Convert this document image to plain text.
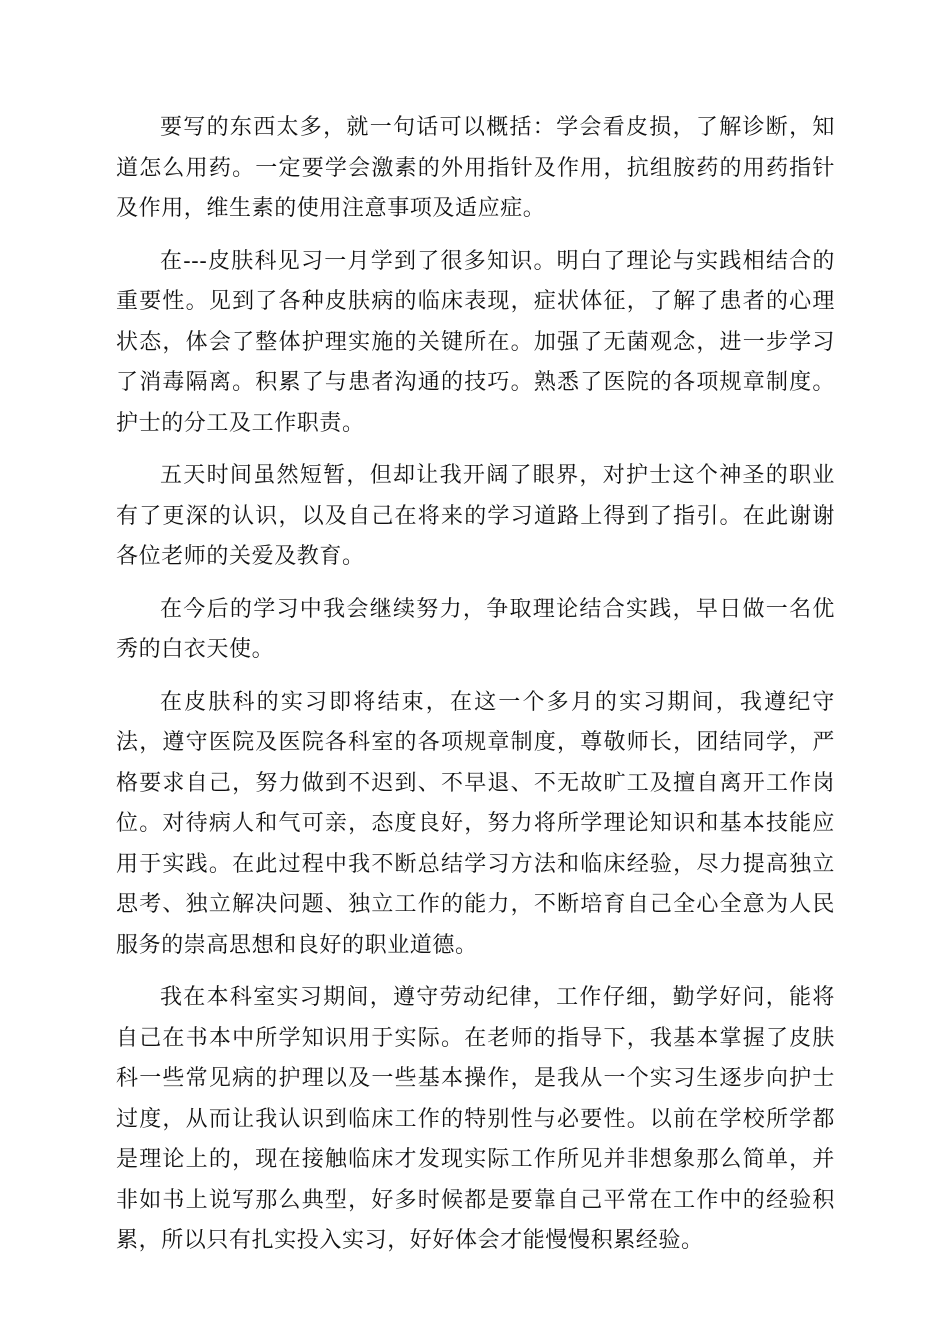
要写的东西太多，就一句话可以概括：学会看皮损，了解诊断，知道怎么用药。一定要学会激素的外用指针及作用，抗组胺药的用药指针及作用，维生素的使用注意事项及适应症。

在---皮肤科见习一月学到了很多知识。明白了理论与实践相结合的重要性。见到了各种皮肤病的临床表现，症状体征，了解了患者的心理状态，体会了整体护理实施的关键所在。加强了无菌观念，进一步学习了消毒隔离。积累了与患者沟通的技巧。熟悉了医院的各项规章制度。护士的分工及工作职责。

五天时间虽然短暂，但却让我开阔了眼界，对护士这个神圣的职业有了更深的认识，以及自己在将来的学习道路上得到了指引。在此谢谢各位老师的关爱及教育。

在今后的学习中我会继续努力，争取理论结合实践，早日做一名优秀的白衣天使。

在皮肤科的实习即将结束，在这一个多月的实习期间，我遵纪守法，遵守医院及医院各科室的各项规章制度，尊敬师长，团结同学，严格要求自己，努力做到不迟到、不早退、不无故旷工及擅自离开工作岗位。对待病人和气可亲，态度良好，努力将所学理论知识和基本技能应用于实践。在此过程中我不断总结学习方法和临床经验，尽力提高独立思考、独立解决问题、独立工作的能力，不断培育自己全心全意为人民服务的崇高思想和良好的职业道德。

我在本科室实习期间，遵守劳动纪律，工作仔细，勤学好问，能将自己在书本中所学知识用于实际。在老师的指导下，我基本掌握了皮肤科一些常见病的护理以及一些基本操作，是我从一个实习生逐步向护士过度，从而让我认识到临床工作的特别性与必要性。以前在学校所学都是理论上的，现在接触临床才发现实际工作所见并非想象那么简单，并非如书上说写那么典型，好多时候都是要靠自己平常在工作中的经验积累，所以只有扎实投入实习，好好体会才能慢慢积累经验。
